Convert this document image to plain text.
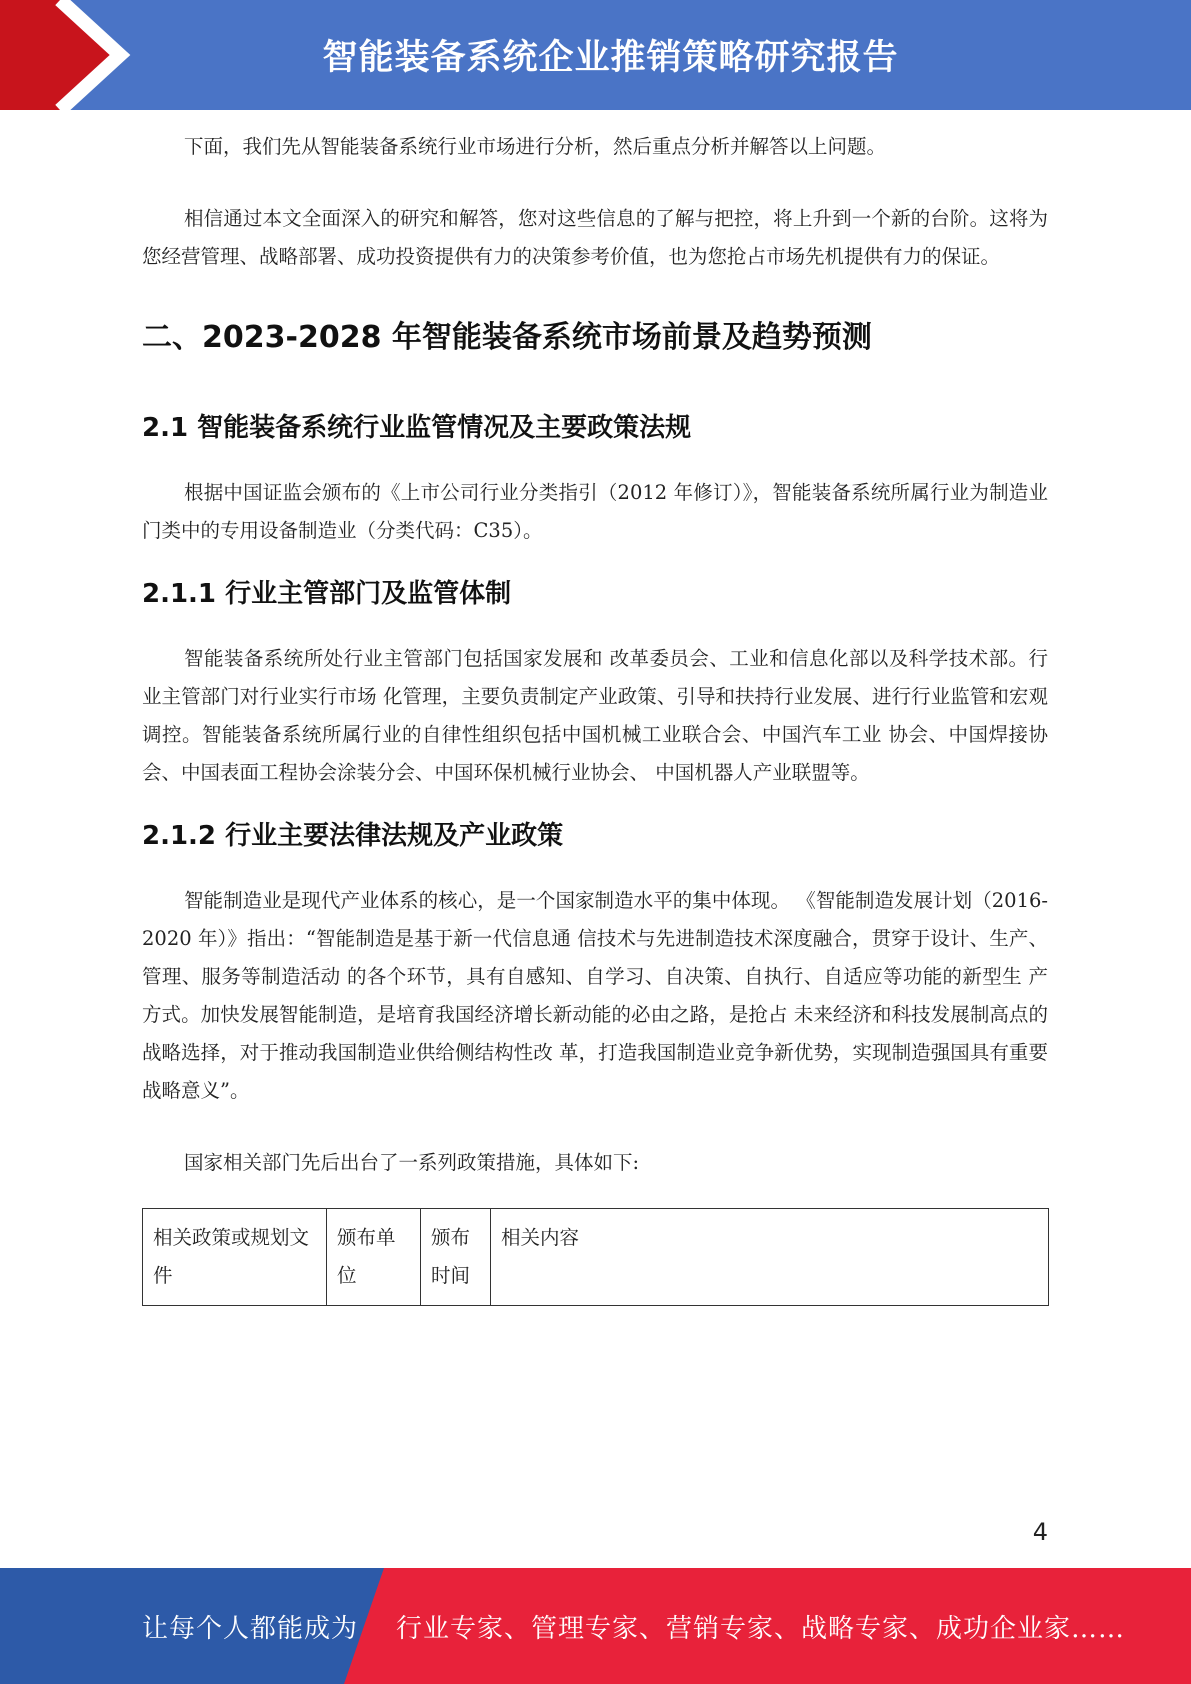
智能装备系统企业推销策略研究报告

下面，我们先从智能装备系统行业市场进行分析，然后重点分析并解答以上问题。

相信通过本文全面深入的研究和解答，您对这些信息的了解与把控，将上升到一个新的台阶。这将为您经营管理、战略部署、成功投资提供有力的决策参考价值，也为您抢占市场先机提供有力的保证。

二、2023-2028 年智能装备系统市场前景及趋势预测
2.1 智能装备系统行业监管情况及主要政策法规

根据中国证监会颁布的《上市公司行业分类指引（2012 年修订）》，智能装备系统所属行业为制造业门类中的专用设备制造业（分类代码：C35）。

2.1.1 行业主管部门及监管体制

智能装备系统所处行业主管部门包括国家发展和 改革委员会、工业和信息化部以及科学技术部。行业主管部门对行业实行市场 化管理，主要负责制定产业政策、引导和扶持行业发展、进行行业监管和宏观 调控。智能装备系统所属行业的自律性组织包括中国机械工业联合会、中国汽车工业 协会、中国焊接协会、中国表面工程协会涂装分会、中国环保机械行业协会、 中国机器人产业联盟等。

2.1.2 行业主要法律法规及产业政策

智能制造业是现代产业体系的核心，是一个国家制造水平的集中体现。 《智能制造发展计划（2016-2020 年）》指出：“智能制造是基于新一代信息通 信技术与先进制造技术深度融合，贯穿于设计、生产、管理、服务等制造活动 的各个环节，具有自感知、自学习、自决策、自执行、自适应等功能的新型生 产方式。加快发展智能制造，是培育我国经济增长新动能的必由之路，是抢占 未来经济和科技发展制高点的战略选择，对于推动我国制造业供给侧结构性改 革，打造我国制造业竞争新优势，实现制造强国具有重要战略意义”。

国家相关部门先后出台了一系列政策措施，具体如下:

相关政策或规划文件	颁布单位	颁布时间	相关内容
4
让每个人都能成为 行业专家、管理专家、营销专家、战略专家、成功企业家……
